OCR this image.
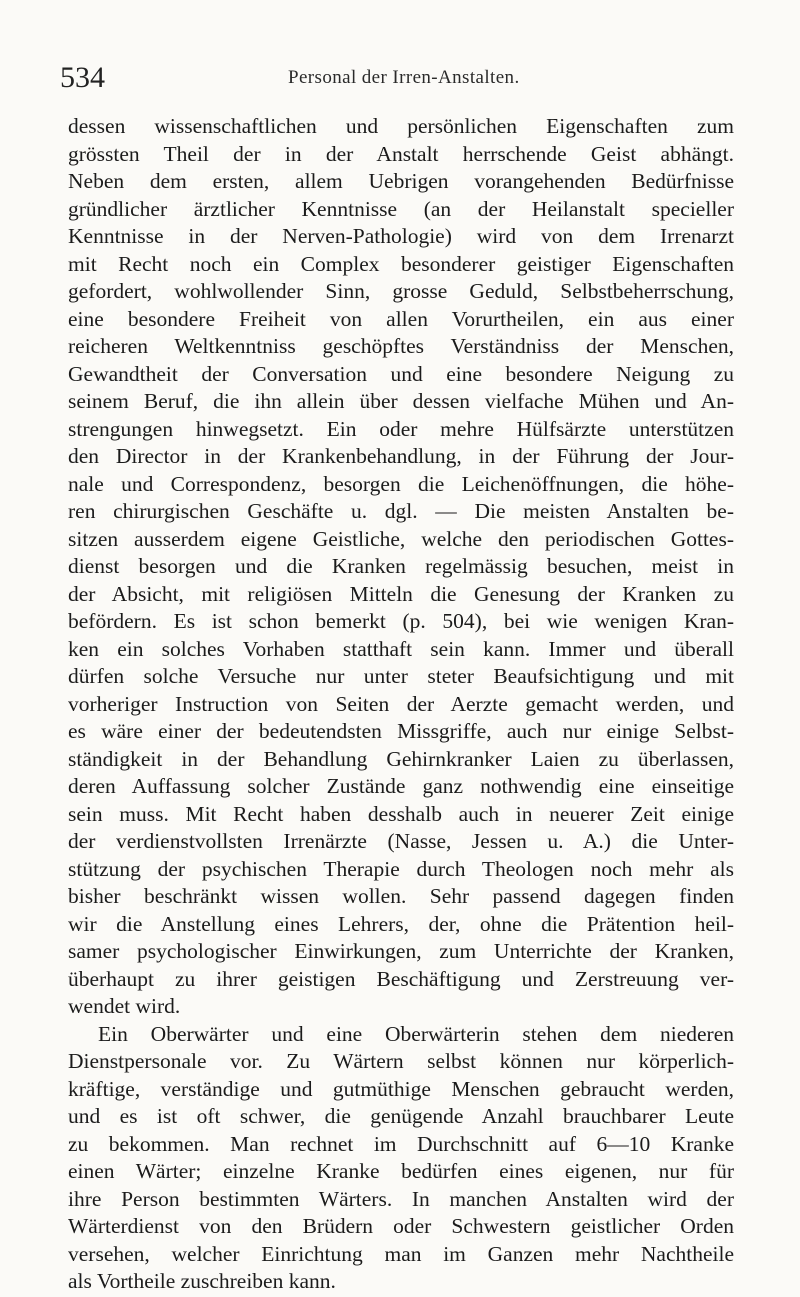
534	Personal der Irren-Anstalten.
dessen wissenschaftlichen und persönlichen Eigenschaften zum
grössten Theil der in der Anstalt herrschende Geist abhängt.
Neben dem ersten, allem Uebrigen vorangehenden Bedürfnisse
gründlicher ärztlicher Kenntnisse (an der Heilanstalt specieller
Kenntnisse in der Nerven-Pathologie) wird von dem Irrenarzt
mit Recht noch ein Complex besonderer geistiger Eigenschaften
gefordert, wohlwollender Sinn, grosse Geduld, Selbstbeherrschung,
eine besondere Freiheit von allen Vorurtheilen, ein aus einer
reicheren Weltkenntniss geschöpftes Verständniss der Menschen,
Gewandtheit der Conversation und eine besondere Neigung zu
seinem Beruf, die ihn allein über dessen vielfache Mühen und An-
strengungen hinwegsetzt. Ein oder mehre Hülfsärzte unterstützen
den Director in der Krankenbehandlung, in der Führung der Jour-
nale und Correspondenz, besorgen die Leichenöffnungen, die höhe-
ren chirurgischen Geschäfte u. dgl. — Die meisten Anstalten be-
sitzen ausserdem eigene Geistliche, welche den periodischen Gottes-
dienst besorgen und die Kranken regelmässig besuchen, meist in
der Absicht, mit religiösen Mitteln die Genesung der Kranken zu
befördern. Es ist schon bemerkt (p. 504), bei wie wenigen Kran-
ken ein solches Vorhaben statthaft sein kann. Immer und überall
dürfen solche Versuche nur unter steter Beaufsichtigung und mit
vorheriger Instruction von Seiten der Aerzte gemacht werden, und
es wäre einer der bedeutendsten Missgriffe, auch nur einige Selbst-
ständigkeit in der Behandlung Gehirnkranker Laien zu überlassen,
deren Auffassung solcher Zustände ganz nothwendig eine einseitige
sein muss. Mit Recht haben desshalb auch in neuerer Zeit einige
der verdienstvollsten Irrenärzte (Nasse, Jessen u. A.) die Unter-
stützung der psychischen Therapie durch Theologen noch mehr als
bisher beschränkt wissen wollen. Sehr passend dagegen finden
wir die Anstellung eines Lehrers, der, ohne die Prätention heil-
samer psychologischer Einwirkungen, zum Unterrichte der Kranken,
überhaupt zu ihrer geistigen Beschäftigung und Zerstreuung ver-
wendet wird.
Ein Oberwärter und eine Oberwärterin stehen dem niederen
Dienstpersonale vor. Zu Wärtern selbst können nur körperlich-
kräftige, verständige und gutmüthige Menschen gebraucht werden,
und es ist oft schwer, die genügende Anzahl brauchbarer Leute
zu bekommen. Man rechnet im Durchschnitt auf 6—10 Kranke
einen Wärter; einzelne Kranke bedürfen eines eigenen, nur für
ihre Person bestimmten Wärters. In manchen Anstalten wird der
Wärterdienst von den Brüdern oder Schwestern geistlicher Orden
versehen, welcher Einrichtung man im Ganzen mehr Nachtheile
als Vortheile zuschreiben kann.
